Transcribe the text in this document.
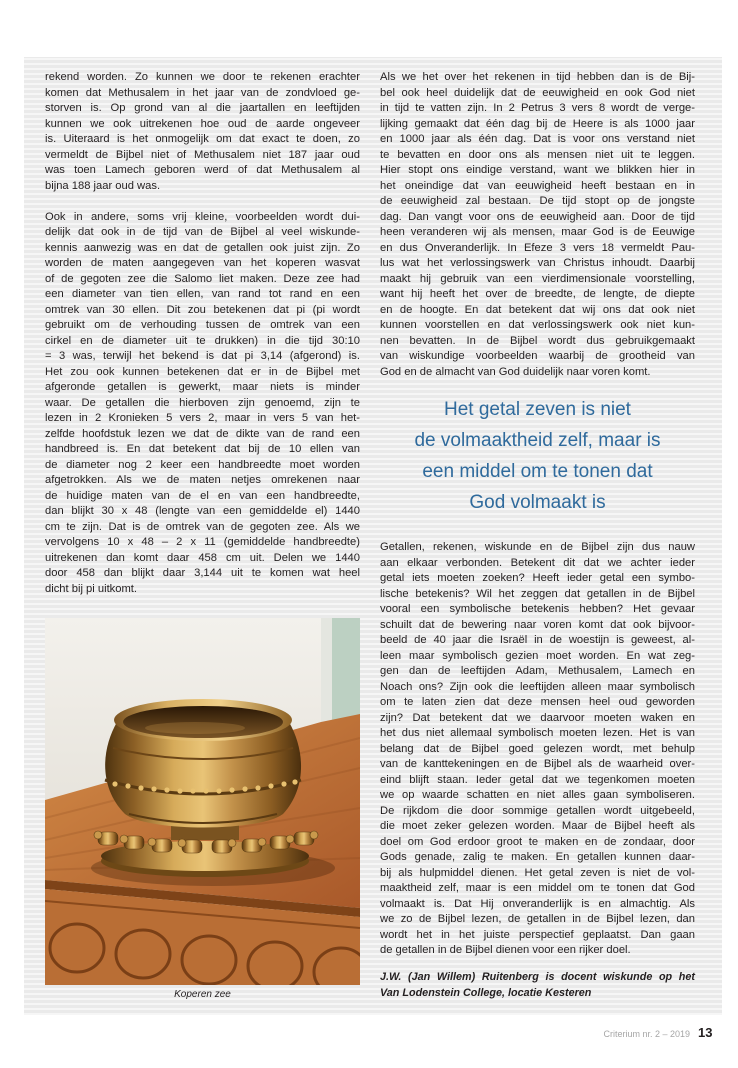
rekend worden. Zo kunnen we door te rekenen erachter
komen dat Methusalem in het jaar van de zondvloed ge-
storven is. Op grond van al die jaartallen en leeftijden
kunnen we ook uitrekenen hoe oud de aarde ongeveer
is. Uiteraard is het onmogelijk om dat exact te doen, zo
vermeldt de Bijbel niet of Methusalem niet 187 jaar oud
was toen Lamech geboren werd of dat Methusalem al
bijna 188 jaar oud was.
Ook in andere, soms vrij kleine, voorbeelden wordt dui-
delijk dat ook in de tijd van de Bijbel al veel wiskunde-
kennis aanwezig was en dat de getallen ook juist zijn. Zo
worden de maten aangegeven van het koperen wasvat
of de gegoten zee die Salomo liet maken. Deze zee had
een diameter van tien ellen, van rand tot rand en een
omtrek van 30 ellen. Dit zou betekenen dat pi (pi wordt
gebruikt om de verhouding tussen de omtrek van een
cirkel en de diameter uit te drukken) in die tijd 30:10
= 3 was, terwijl het bekend is dat pi 3,14 (afgerond) is.
Het zou ook kunnen betekenen dat er in de Bijbel met
afgeronde getallen is gewerkt, maar niets is minder
waar. De getallen die hierboven zijn genoemd, zijn te
lezen in 2 Kronieken 5 vers 2, maar in vers 5 van het-
zelfde hoofdstuk lezen we dat de dikte van de rand een
handbreed is. En dat betekent dat bij de 10 ellen van
de diameter nog 2 keer een handbreedte moet worden
afgetrokken. Als we de maten netjes omrekenen naar
de huidige maten van de el en van een handbreedte,
dan blijkt 30 x 48 (lengte van een gemiddelde el) 1440
cm te zijn. Dat is de omtrek van de gegoten zee. Als we
vervolgens 10 x 48 – 2 x 11 (gemiddelde handbreedte)
uitrekenen dan komt daar 458 cm uit. Delen we 1440
door 458 dan blijkt daar 3,144 uit te komen wat heel
dicht bij pi uitkomt.
Koperen zee
Als we het over het rekenen in tijd hebben dan is de Bij-
bel ook heel duidelijk dat de eeuwigheid en ook God niet
in tijd te vatten zijn. In 2 Petrus 3 vers 8 wordt de verge-
lijking gemaakt dat één dag bij de Heere is als 1000 jaar
en 1000 jaar als één dag. Dat is voor ons verstand niet
te bevatten en door ons als mensen niet uit te leggen.
Hier stopt ons eindige verstand, want we blikken hier in
het oneindige dat van eeuwigheid heeft bestaan en in
de eeuwigheid zal bestaan. De tijd stopt op de jongste
dag. Dan vangt voor ons de eeuwigheid aan. Door de tijd
heen veranderen wij als mensen, maar God is de Eeuwige
en dus Onveranderlijk. In Efeze 3 vers 18 vermeldt Pau-
lus wat het verlossingswerk van Christus inhoudt. Daarbij
maakt hij gebruik van een vierdimensionale voorstelling,
want hij heeft het over de breedte, de lengte, de diepte
en de hoogte. En dat betekent dat wij ons dat ook niet
kunnen voorstellen en dat verlossingswerk ook niet kun-
nen bevatten. In de Bijbel wordt dus gebruikgemaakt
van wiskundige voorbeelden waarbij de grootheid van
God en de almacht van God duidelijk naar voren komt.
Het getal zeven is niet
de volmaaktheid zelf, maar is
een middel om te tonen dat
God volmaakt is
Getallen, rekenen, wiskunde en de Bijbel zijn dus nauw
aan elkaar verbonden. Betekent dit dat we achter ieder
getal iets moeten zoeken? Heeft ieder getal een symbo-
lische betekenis? Wil het zeggen dat getallen in de Bijbel
vooral een symbolische betekenis hebben? Het gevaar
schuilt dat de bewering naar voren komt dat ook bijvoor-
beeld de 40 jaar die Israël in de woestijn is geweest, al-
leen maar symbolisch gezien moet worden. En wat zeg-
gen dan de leeftijden Adam, Methusalem, Lamech en
Noach ons? Zijn ook die leeftijden alleen maar symbolisch
om te laten zien dat deze mensen heel oud geworden
zijn? Dat betekent dat we daarvoor moeten waken en
het dus niet allemaal symbolisch moeten lezen. Het is van
belang dat de Bijbel goed gelezen wordt, met behulp
van de kanttekeningen en de Bijbel als de waarheid over-
eind blijft staan. Ieder getal dat we tegenkomen moeten
we op waarde schatten en niet alles gaan symboliseren.
De rijkdom die door sommige getallen wordt uitgebeeld,
die moet zeker gelezen worden. Maar de Bijbel heeft als
doel om God erdoor groot te maken en de zondaar, door
Gods genade, zalig te maken. En getallen kunnen daar-
bij als hulpmiddel dienen. Het getal zeven is niet de vol-
maaktheid zelf, maar is een middel om te tonen dat God
volmaakt is. Dat Hij onveranderlijk is en almachtig. Als
we zo de Bijbel lezen, de getallen in de Bijbel lezen, dan
wordt het in het juiste perspectief geplaatst. Dan gaan
de getallen in de Bijbel dienen voor een rijker doel.
J.W. (Jan Willem) Ruitenberg is docent wiskunde op het
Van Lodenstein College, locatie Kesteren
Criterium nr. 2 – 2019 13
